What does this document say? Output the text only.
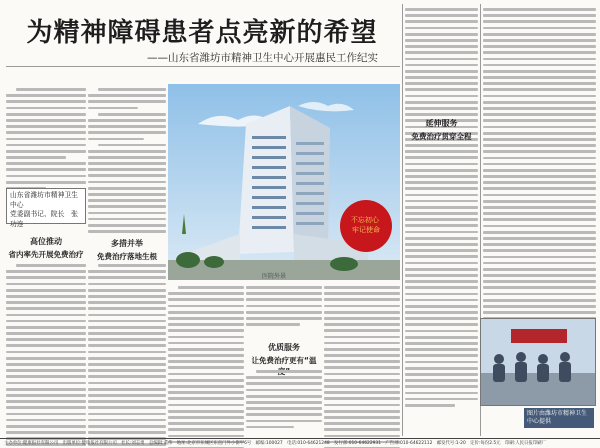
为精神障碍患者点亮新的希望
——山东省潍坊市精神卫生中心开展惠民工作纪实
山东省潍坊市精神卫生中心
党委副书记、院长　张功连
高位推动
省内率先开展免费治疗
多措并举
免费治疗落地生根
不忘初心 牢记使命
医院外景
优质服务
让免费治疗更有“温
延伸服务
免费治疗贯穿全程
图片由潍坊市精神卫生中心提供
主办单位:健康报社有限公司　出版单位:健康报社有限公司　社长:刘志勇　总编辑:董伟　地址:北京市东城区东直门外小街甲6号　邮编:100027　电话:010-64621248　发行部:010-64622931　广告部:010-64622112　邮发代号:1-20　定价:每份2.5元　印刷:人民日报印刷厂
